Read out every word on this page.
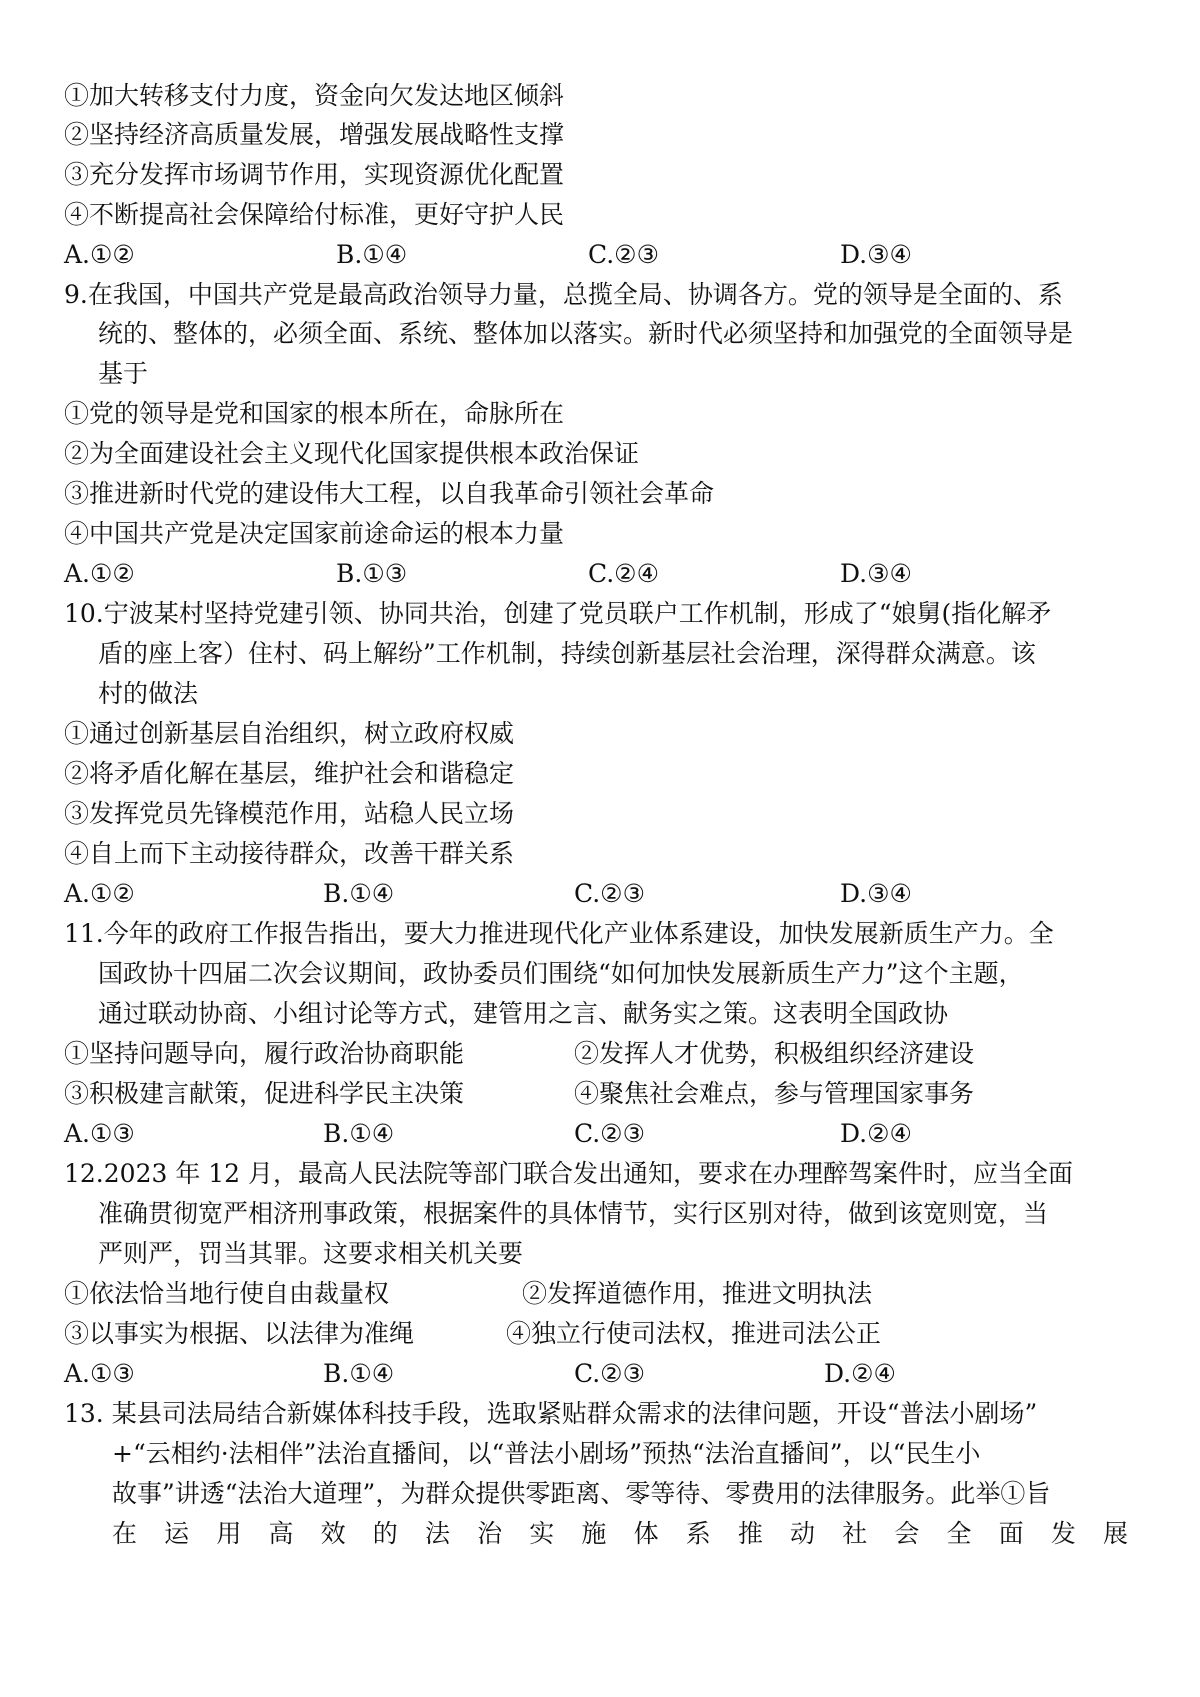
①加大转移支付力度，资金向欠发达地区倾斜
②坚持经济高质量发展，增强发展战略性支撑
③充分发挥市场调节作用，实现资源优化配置
④不断提高社会保障给付标准，更好守护人民
A.①②	B.①④	C.②③	D.③④
9.在我国，中国共产党是最高政治领导力量，总揽全局、协调各方。党的领导是全面的、系
统的、整体的，必须全面、系统、整体加以落实。新时代必须坚持和加强党的全面领导是
基于
①党的领导是党和国家的根本所在，命脉所在
②为全面建设社会主义现代化国家提供根本政治保证
③推进新时代党的建设伟大工程，以自我革命引领社会革命
④中国共产党是决定国家前途命运的根本力量
A.①②	B.①③	C.②④	D.③④
10.宁波某村坚持党建引领、协同共治，创建了党员联户工作机制，形成了“娘舅(指化解矛
盾的座上客）住村、码上解纷”工作机制，持续创新基层社会治理，深得群众满意。该
村的做法
①通过创新基层自治组织，树立政府权威
②将矛盾化解在基层，维护社会和谐稳定
③发挥党员先锋模范作用，站稳人民立场
④自上而下主动接待群众，改善干群关系
A.①②	B.①④	C.②③	D.③④
11.今年的政府工作报告指出，要大力推进现代化产业体系建设，加快发展新质生产力。全
国政协十四届二次会议期间，政协委员们围绕“如何加快发展新质生产力”这个主题，
通过联动协商、小组讨论等方式，建管用之言、献务实之策。这表明全国政协
①坚持问题导向，履行政治协商职能	②发挥人才优势，积极组织经济建设
③积极建言献策，促进科学民主决策	④聚焦社会难点，参与管理国家事务
A.①③	B.①④	C.②③	D.②④
12.2023 年 12 月，最高人民法院等部门联合发出通知，要求在办理醉驾案件时，应当全面
准确贯彻宽严相济刑事政策，根据案件的具体情节，实行区别对待，做到该宽则宽，当
严则严，罚当其罪。这要求相关机关要
①依法恰当地行使自由裁量权	②发挥道德作用，推进文明执法
③以事实为根据、以法律为准绳	④独立行使司法权，推进司法公正
A.①③	B.①④	C.②③	D.②④
13. 某县司法局结合新媒体科技手段，选取紧贴群众需求的法律问题，开设“普法小剧场”
+“云相约·法相伴”法治直播间，以“普法小剧场”预热“法治直播间”，以“民生小
故事”讲透“法治大道理”，为群众提供零距离、零等待、零费用的法律服务。此举①旨
在运用高效的法治实施体系推动社会全面发展
